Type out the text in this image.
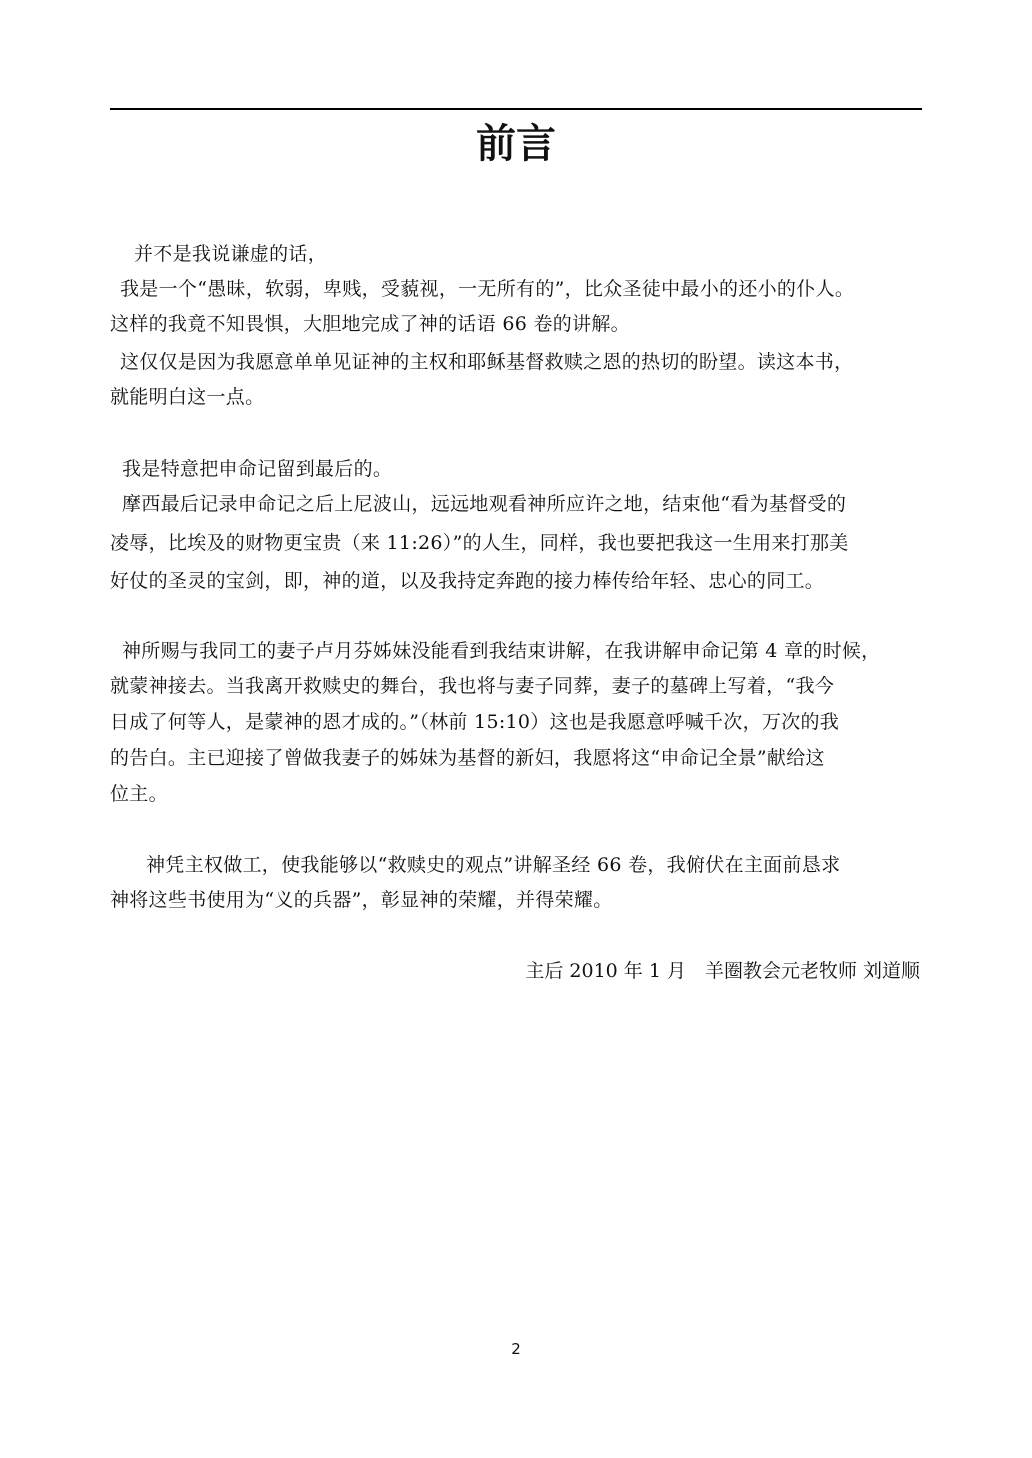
前言
并不是我说谦虚的话，
我是一个“愚昧，软弱，卑贱，受藐视，一无所有的”，比众圣徒中最小的还小的仆人。
这样的我竟不知畏惧，大胆地完成了神的话语 66 卷的讲解。
这仅仅是因为我愿意单单见证神的主权和耶稣基督救赎之恩的热切的盼望。读这本书，
就能明白这一点。
我是特意把申命记留到最后的。
摩西最后记录申命记之后上尼波山，远远地观看神所应许之地，结束他“看为基督受的
凌辱，比埃及的财物更宝贵（来 11:26）”的人生，同样，我也要把我这一生用来打那美
好仗的圣灵的宝剑，即，神的道，以及我持定奔跑的接力棒传给年轻、忠心的同工。
神所赐与我同工的妻子卢月芬姊妹没能看到我结束讲解，在我讲解申命记第 4 章的时候，
就蒙神接去。当我离开救赎史的舞台，我也将与妻子同葬，妻子的墓碑上写着，“我今
日成了何等人，是蒙神的恩才成的。”（林前 15:10）这也是我愿意呼喊千次，万次的我
的告白。主已迎接了曾做我妻子的姊妹为基督的新妇，我愿将这“申命记全景”献给这
位主。
神凭主权做工，使我能够以“救赎史的观点”讲解圣经 66 卷，我俯伏在主面前恳求
神将这些书使用为“义的兵器”，彰显神的荣耀，并得荣耀。
主后 2010 年 1 月　羊圈教会元老牧师 刘道顺
2
